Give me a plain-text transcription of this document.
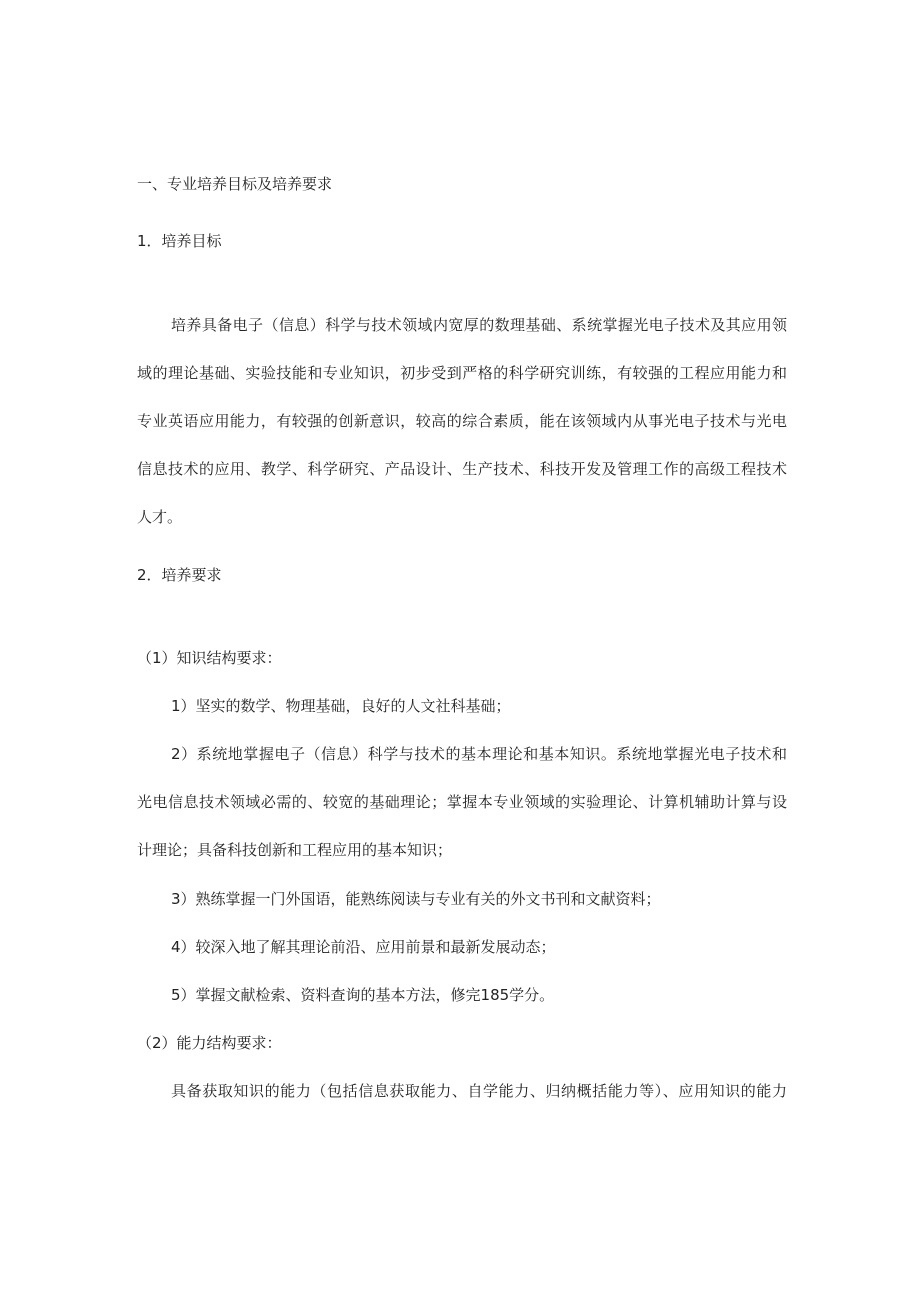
一、专业培养目标及培养要求
1．培养目标
培养具备电子（信息）科学与技术领域内宽厚的数理基础、系统掌握光电子技术及其应用领
域的理论基础、实验技能和专业知识，初步受到严格的科学研究训练，有较强的工程应用能力和
专业英语应用能力，有较强的创新意识，较高的综合素质，能在该领域内从事光电子技术与光电
信息技术的应用、教学、科学研究、产品设计、生产技术、科技开发及管理工作的高级工程技术
人才。
2．培养要求
（1）知识结构要求：
1）坚实的数学、物理基础，良好的人文社科基础；
2）系统地掌握电子（信息）科学与技术的基本理论和基本知识。系统地掌握光电子技术和
光电信息技术领域必需的、较宽的基础理论；掌握本专业领域的实验理论、计算机辅助计算与设
计理论；具备科技创新和工程应用的基本知识；
3）熟练掌握一门外国语，能熟练阅读与专业有关的外文书刊和文献资料；
4）较深入地了解其理论前沿、应用前景和最新发展动态；
5）掌握文献检索、资料查询的基本方法，修完185学分。
（2）能力结构要求：
具备获取知识的能力（包括信息获取能力、自学能力、归纳概括能力等）、应用知识的能力
